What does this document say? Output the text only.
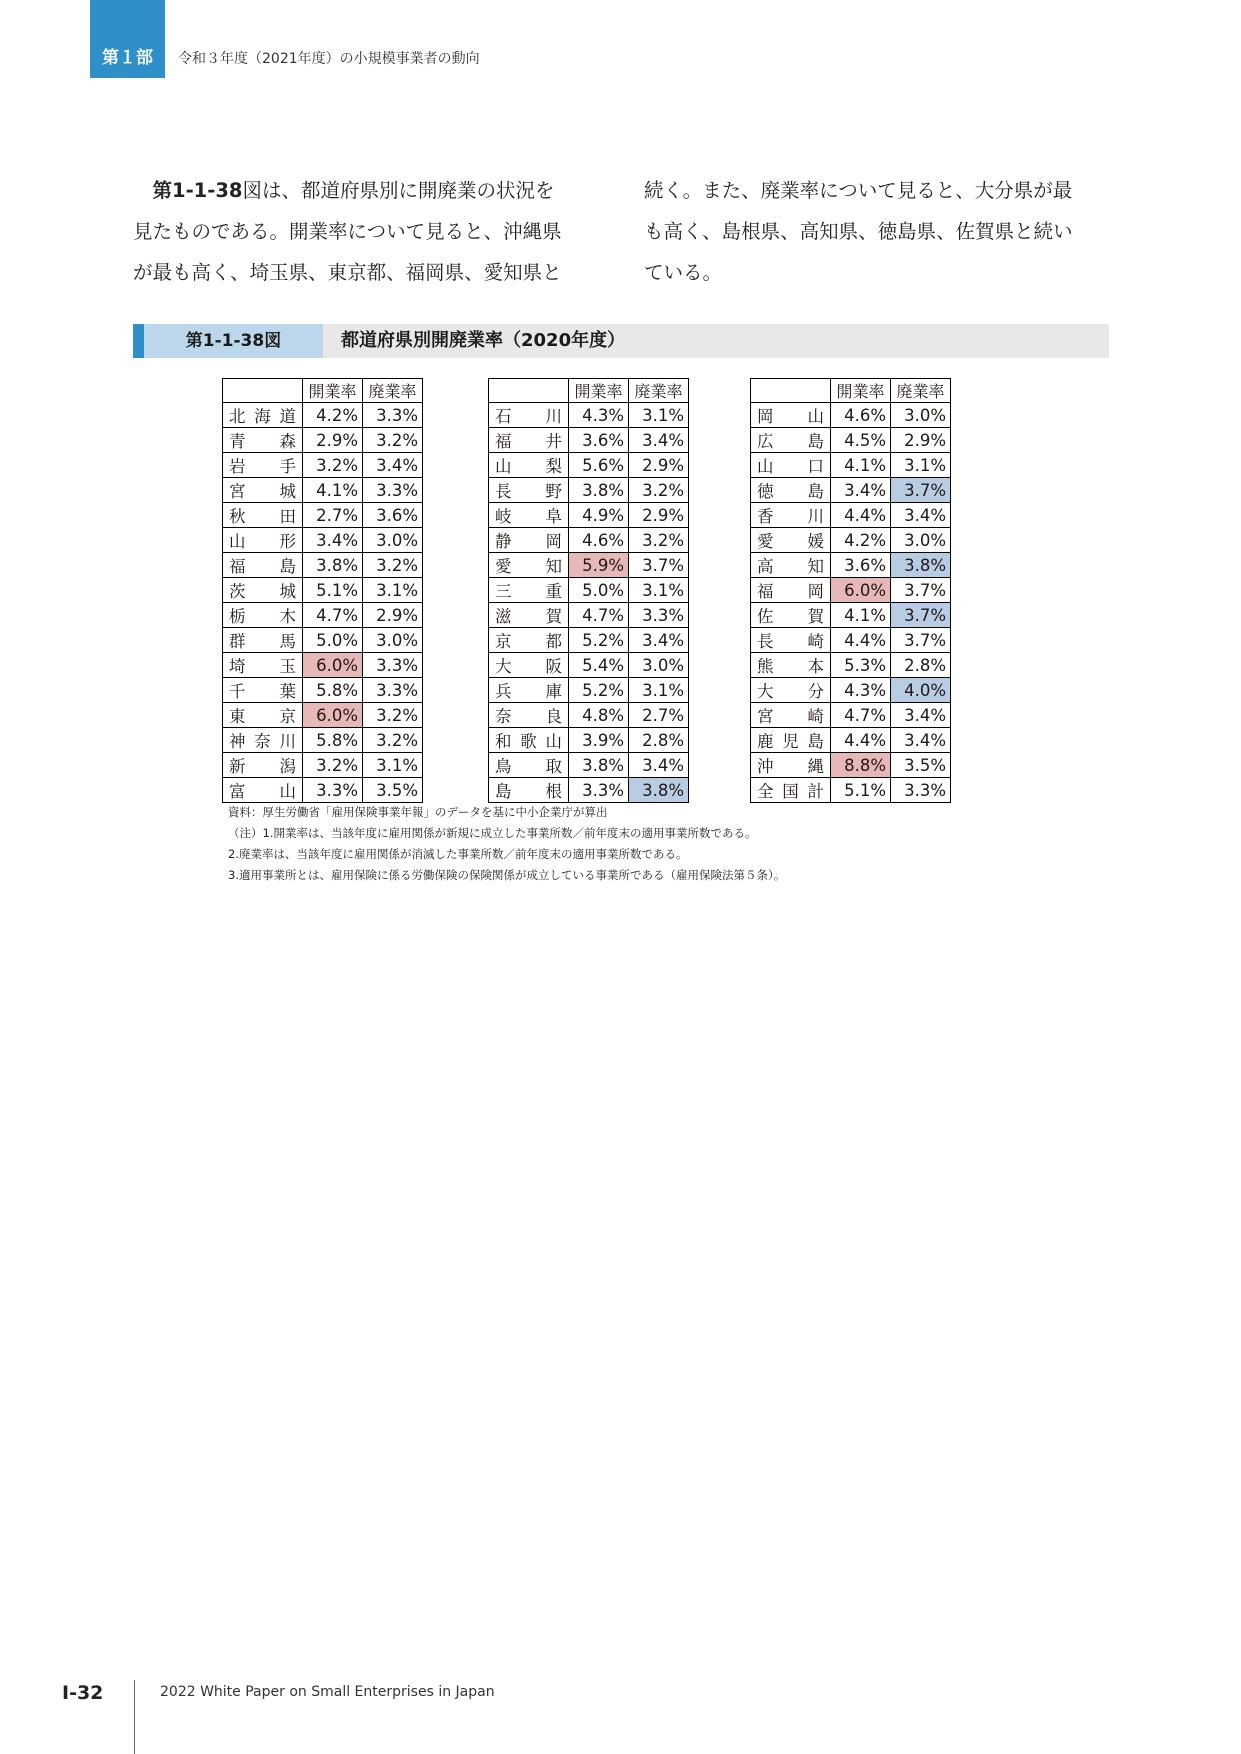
第１部	令和３年度（2021年度）の小規模事業者の動向
　第1-1-38図は、都道府県別に開廃業の状況を
見たものである。開業率について見ると、沖縄県
が最も高く、埼玉県、東京都、福岡県、愛知県と
続く。また、廃業率について見ると、大分県が最
も高く、島根県、高知県、徳島県、佐賀県と続い
ている。
第1-1-38図	都道府県別開廃業率（2020年度）
	開業率	廃業率
北海道	4.2%	3.3%
青森	2.9%	3.2%
岩手	3.2%	3.4%
宮城	4.1%	3.3%
秋田	2.7%	3.6%
山形	3.4%	3.0%
福島	3.8%	3.2%
茨城	5.1%	3.1%
栃木	4.7%	2.9%
群馬	5.0%	3.0%
埼玉	6.0%	3.3%
千葉	5.8%	3.3%
東京	6.0%	3.2%
神奈川	5.8%	3.2%
新潟	3.2%	3.1%
富山	3.3%	3.5%
	開業率	廃業率
石川	4.3%	3.1%
福井	3.6%	3.4%
山梨	5.6%	2.9%
長野	3.8%	3.2%
岐阜	4.9%	2.9%
静岡	4.6%	3.2%
愛知	5.9%	3.7%
三重	5.0%	3.1%
滋賀	4.7%	3.3%
京都	5.2%	3.4%
大阪	5.4%	3.0%
兵庫	5.2%	3.1%
奈良	4.8%	2.7%
和歌山	3.9%	2.8%
鳥取	3.8%	3.4%
島根	3.3%	3.8%
	開業率	廃業率
岡山	4.6%	3.0%
広島	4.5%	2.9%
山口	4.1%	3.1%
徳島	3.4%	3.7%
香川	4.4%	3.4%
愛媛	4.2%	3.0%
高知	3.6%	3.8%
福岡	6.0%	3.7%
佐賀	4.1%	3.7%
長崎	4.4%	3.7%
熊本	5.3%	2.8%
大分	4.3%	4.0%
宮崎	4.7%	3.4%
鹿児島	4.4%	3.4%
沖縄	8.8%	3.5%
全国計	5.1%	3.3%
資料：厚生労働省「雇用保険事業年報」のデータを基に中小企業庁が算出
（注）1.開業率は、当該年度に雇用関係が新規に成立した事業所数／前年度末の適用事業所数である。
2.廃業率は、当該年度に雇用関係が消滅した事業所数／前年度末の適用事業所数である。
3.適用事業所とは、雇用保険に係る労働保険の保険関係が成立している事業所である（雇用保険法第５条）。
I-32	2022 White Paper on Small Enterprises in Japan
